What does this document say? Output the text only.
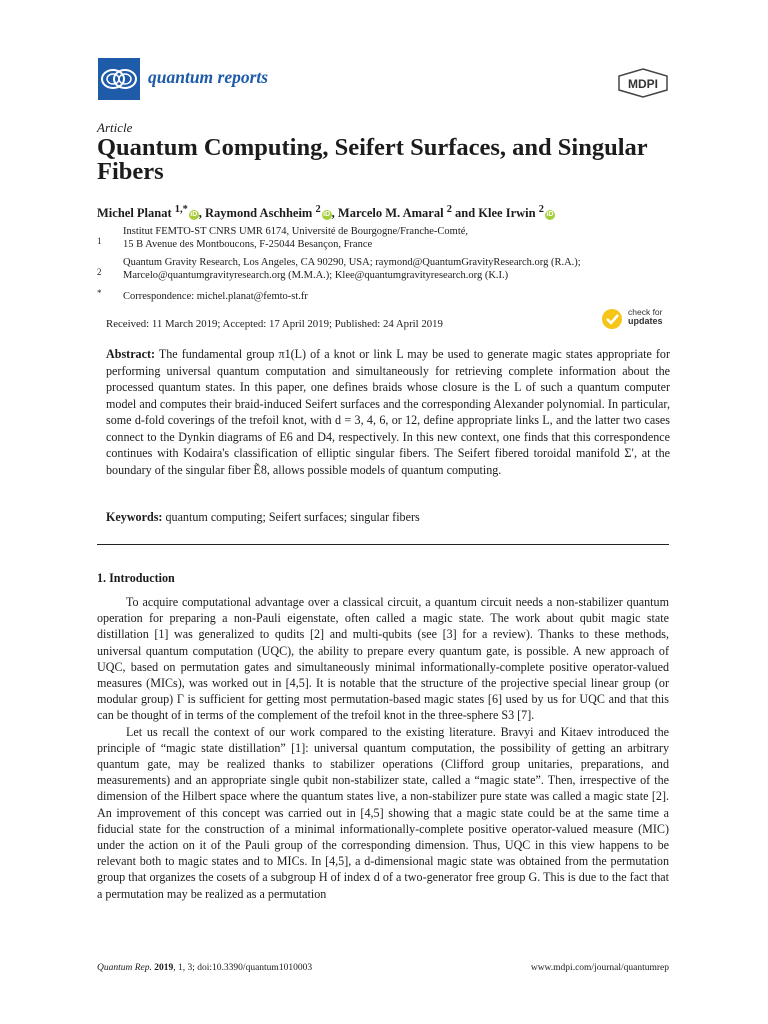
quantum reports	MDPI
Article
Quantum Computing, Seifert Surfaces, and Singular Fibers
Michel Planat $^{1,*}$ iD , Raymond Aschheim $^2$ iD , Marcelo M. Amaral $^2$ and Klee Irwin $^2$ iD
1Institut FEMTO-ST CNRS UMR 6174, Université de Bourgogne/Franche-Comté,
15 B Avenue des Montboucons, F-25044 Besançon, France
2Quantum Gravity Research, Los Angeles, CA 90290, USA; raymond@QuantumGravityResearch.org (R.A.);
Marcelo@quantumgravityresearch.org (M.M.A.); Klee@quantumgravityresearch.org (K.I.)
* Correspondence: michel.planat@femto-st.fr
Received: 11 March 2019; Accepted: 17 April 2019; Published: 24 April 2019
check for
updates
Abstract: The fundamental group π1(L) of a knot or link L may be used to generate magic states appropriate for performing universal quantum computation and simultaneously for retrieving complete information about the processed quantum states. In this paper, one defines braids whose closure is the L of such a quantum computer model and computes their braid-induced Seifert surfaces and the corresponding Alexander polynomial. In particular, some d-fold coverings of the trefoil knot, with d = 3, 4, 6, or 12, define appropriate links L, and the latter two cases connect to the Dynkin diagrams of E6 and D4, respectively. In this new context, one finds that this correspondence continues with Kodaira's classification of elliptic singular fibers. The Seifert fibered toroidal manifold Σ′, at the boundary of the singular fiber Ẽ8, allows possible models of quantum computing.
Keywords: quantum computing; Seifert surfaces; singular fibers
1. Introduction

To acquire computational advantage over a classical circuit, a quantum circuit needs a non-stabilizer quantum operation for preparing a non-Pauli eigenstate, often called a magic state. The work about qubit magic state distillation [1] was generalized to qudits [2] and multi-qubits (see [3] for a review). Thanks to these methods, universal quantum computation (UQC), the ability to prepare every quantum gate, is possible. A new approach of UQC, based on permutation gates and simultaneously minimal informationally-complete positive operator-valued measures (MICs), was worked out in [4,5]. It is notable that the structure of the projective special linear group (or modular group) Γ is sufficient for getting most permutation-based magic states [6] used by us for UQC and that this can be thought of in terms of the complement of the trefoil knot in the three-sphere S3 [7].

Let us recall the context of our work compared to the existing literature. Bravyi and Kitaev introduced the principle of “magic state distillation” [1]: universal quantum computation, the possibility of getting an arbitrary quantum gate, may be realized thanks to stabilizer operations (Clifford group unitaries, preparations, and measurements) and an appropriate single qubit non-stabilizer state, called a “magic state”. Then, irrespective of the dimension of the Hilbert space where the quantum states live, a non-stabilizer pure state was called a magic state [2]. An improvement of this concept was carried out in [4,5] showing that a magic state could be at the same time a fiducial state for the construction of a minimal informationally-complete positive operator-valued measure (MIC) under the action on it of the Pauli group of the corresponding dimension. Thus, UQC in this view happens to be relevant both to magic states and to MICs. In [4,5], a d-dimensional magic state was obtained from the permutation group that organizes the cosets of a subgroup H of index d of a two-generator free group G. This is due to the fact that a permutation may be realized as a permutation

Quantum Rep. 2019, 1, 3; doi:10.3390/quantum1010003	www.mdpi.com/journal/quantumrep
